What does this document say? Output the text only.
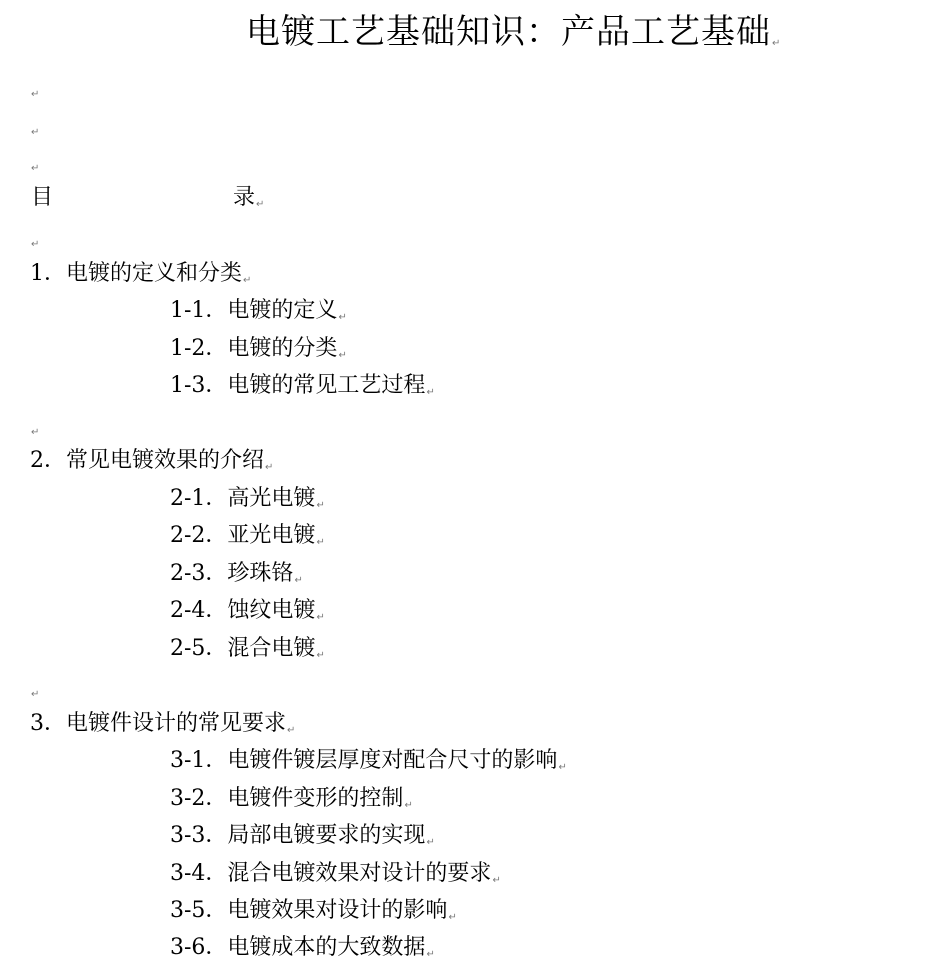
电镀工艺基础知识：产品工艺基础↵
↵
↵
↵
目	录↵
↵
1．电镀的定义和分类↵
1-1．电镀的定义↵
1-2．电镀的分类↵
1-3．电镀的常见工艺过程↵
↵
2．常见电镀效果的介绍↵
2-1．高光电镀↵
2-2．亚光电镀↵
2-3．珍珠铬↵
2-4．蚀纹电镀↵
2-5．混合电镀↵
↵
3．电镀件设计的常见要求↵
3-1．电镀件镀层厚度对配合尺寸的影响↵
3-2．电镀件变形的控制↵
3-3．局部电镀要求的实现↵
3-4．混合电镀效果对设计的要求↵
3-5．电镀效果对设计的影响↵
3-6．电镀成本的大致数据↵
